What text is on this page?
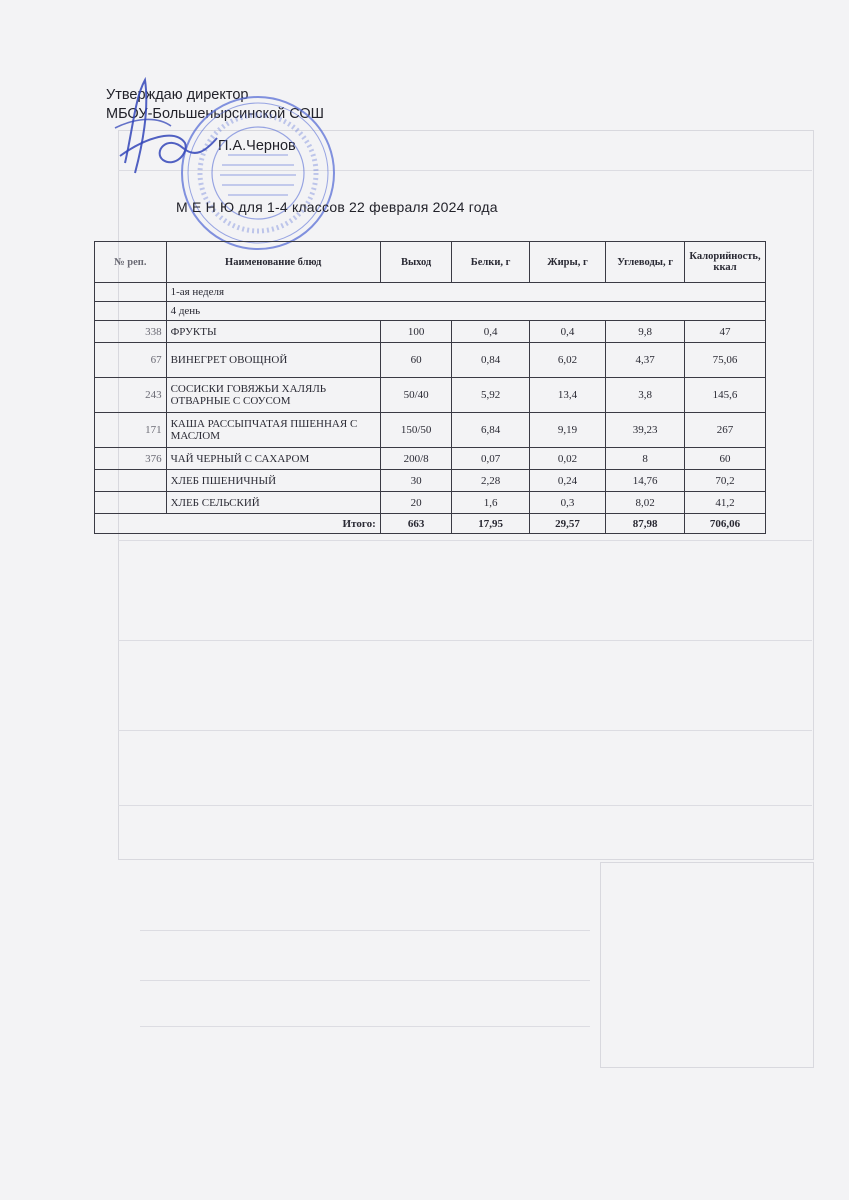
Утверждаю директор
МБОУ-Большеныpсинской СОШ
П.А.Чернов
М Е Н Ю для 1-4 классов 22 февраля 2024 года
№ реп.	Наименование блюд	Выход	Белки, г	Жиры, г	Углеводы, г	Калорийность, ккал
	1-ая неделя					
	4 день					
338	ФРУКТЫ	100	0,4	0,4	9,8	47
67	ВИНЕГРЕТ ОВОЩНОЙ	60	0,84	6,02	4,37	75,06
243	СОСИСКИ ГОВЯЖЬИ ХАЛЯЛЬ ОТВАРНЫЕ С СОУСОМ	50/40	5,92	13,4	3,8	145,6
171	КАША РАССЫПЧАТАЯ ПШЕННАЯ С МАСЛОМ	150/50	6,84	9,19	39,23	267
376	ЧАЙ ЧЕРНЫЙ С САХАРОМ	200/8	0,07	0,02	8	60
	ХЛЕБ ПШЕНИЧНЫЙ	30	2,28	0,24	14,76	70,2
	ХЛЕБ СЕЛЬСКИЙ	20	1,6	0,3	8,02	41,2
Итого:		663	17,95	29,57	87,98	706,06
